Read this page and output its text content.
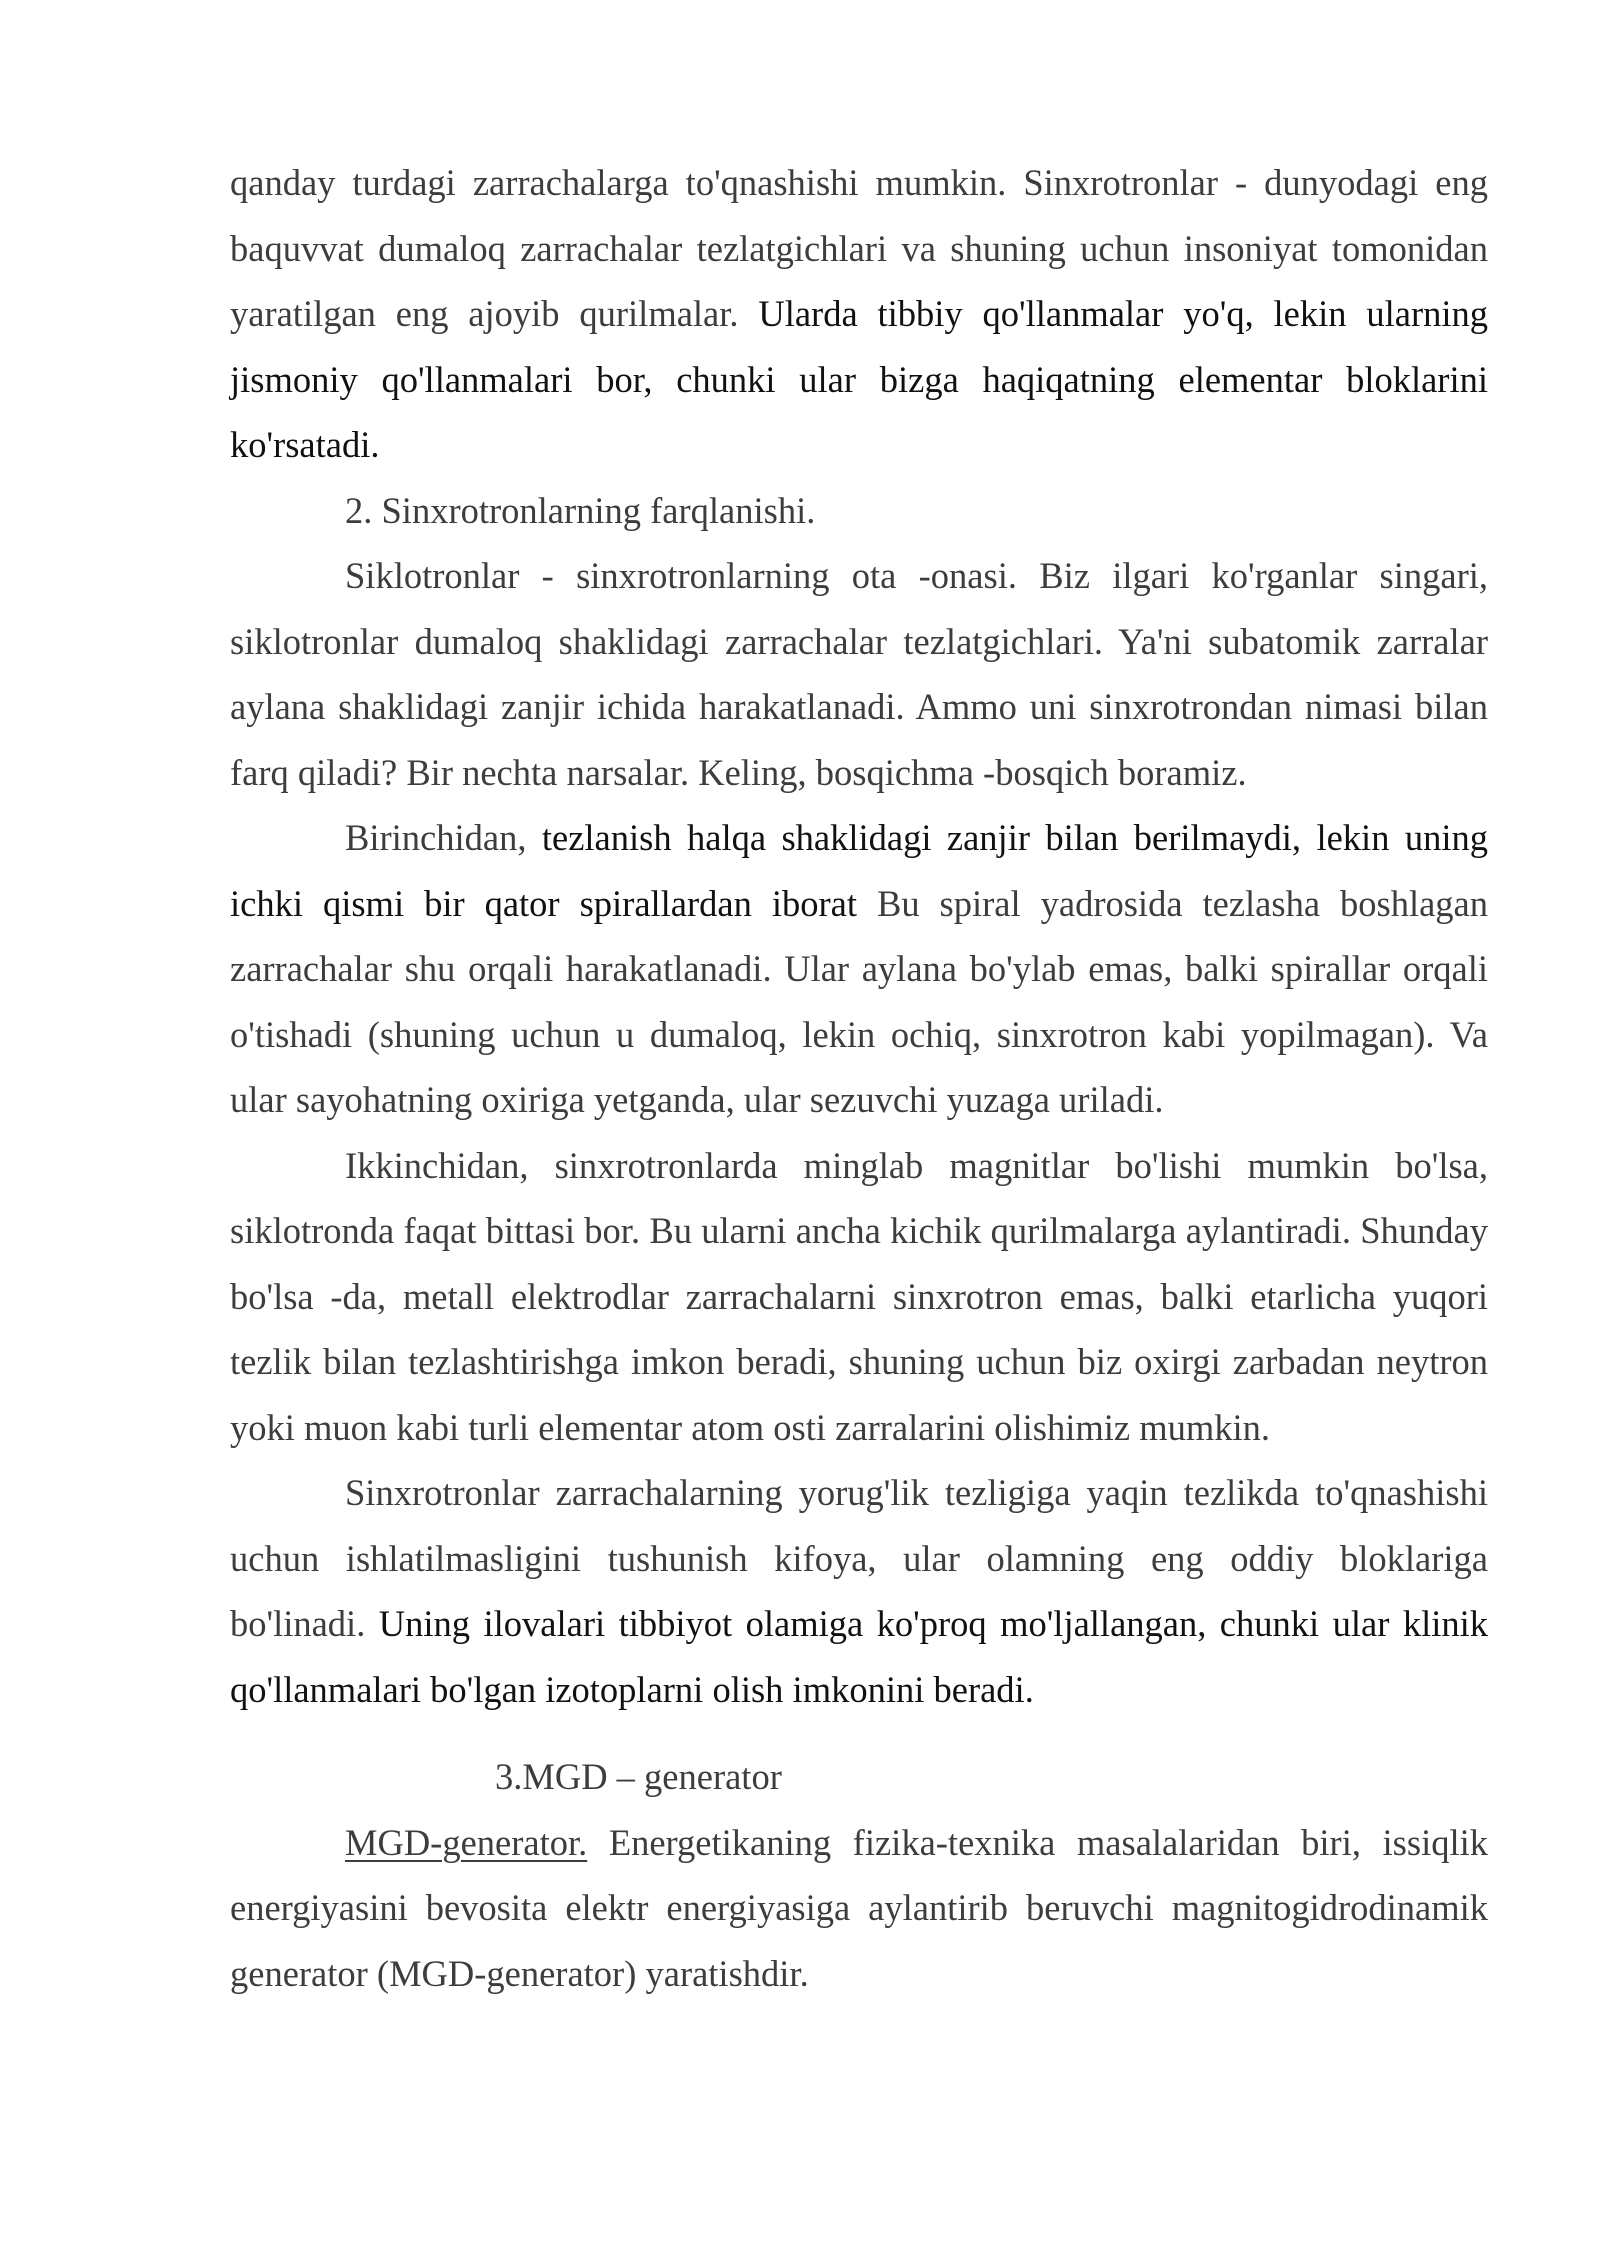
qanday turdagi zarrachalarga to'qnashishi mumkin. Sinxrotronlar - dunyodagi eng baquvvat dumaloq zarrachalar tezlatgichlari va shuning uchun insoniyat tomonidan yaratilgan eng ajoyib qurilmalar. Ularda tibbiy qo'llanmalar yo'q, lekin ularning jismoniy qo'llanmalari bor, chunki ular bizga haqiqatning elementar bloklarini ko'rsatadi.

2. Sinxrotronlarning farqlanishi.

Siklotronlar - sinxrotronlarning ota -onasi. Biz ilgari ko'rganlar singari, siklotronlar dumaloq shaklidagi zarrachalar tezlatgichlari. Ya'ni subatomik zarralar aylana shaklidagi zanjir ichida harakatlanadi. Ammo uni sinxrotrondan nimasi bilan farq qiladi? Bir nechta narsalar. Keling, bosqichma -bosqich boramiz.

Birinchidan, tezlanish halqa shaklidagi zanjir bilan berilmaydi, lekin uning ichki qismi bir qator spirallardan iborat Bu spiral yadrosida tezlasha boshlagan zarrachalar shu orqali harakatlanadi. Ular aylana bo'ylab emas, balki spirallar orqali o'tishadi (shuning uchun u dumaloq, lekin ochiq, sinxrotron kabi yopilmagan). Va ular sayohatning oxiriga yetganda, ular sezuvchi yuzaga uriladi.

Ikkinchidan, sinxrotronlarda minglab magnitlar bo'lishi mumkin bo'lsa, siklotronda faqat bittasi bor. Bu ularni ancha kichik qurilmalarga aylantiradi. Shunday bo'lsa -da, metall elektrodlar zarrachalarni sinxrotron emas, balki etarlicha yuqori tezlik bilan tezlashtirishga imkon beradi, shuning uchun biz oxirgi zarbadan neytron yoki muon kabi turli elementar atom osti zarralarini olishimiz mumkin.

Sinxrotronlar zarrachalarning yorug'lik tezligiga yaqin tezlikda to'qnashishi uchun ishlatilmasligini tushunish kifoya, ular olamning eng oddiy bloklariga bo'linadi. Uning ilovalari tibbiyot olamiga ko'proq mo'ljallangan, chunki ular klinik qo'llanmalari bo'lgan izotoplarni olish imkonini beradi.

3.MGD – generator

MGD-generator. Energetikaning fizika-texnika masalalaridan biri, issiqlik energiyasini bevosita elektr energiyasiga aylantirib beruvchi magnitogidrodinamik generator (MGD-generator) yaratishdir.
